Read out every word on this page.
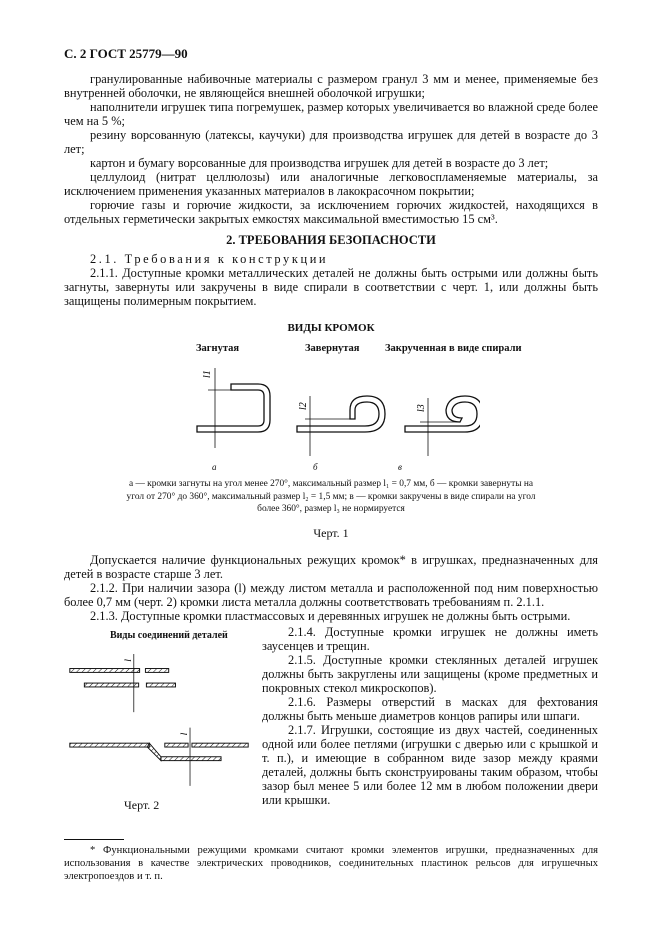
С. 2 ГОСТ 25779—90

гранулированные набивочные материалы с размером гранул 3 мм и менее, применяемые без внутренней оболочки, не являющейся внешней оболочкой игрушки;

наполнители игрушек типа погремушек, размер которых увеличивается во влажной среде более чем на 5 %;

резину ворсованную (латексы, каучуки) для производства игрушек для детей в возрасте до 3 лет;

картон и бумагу ворсованные для производства игрушек для детей в возрасте до 3 лет;

целлулоид (нитрат целлюлозы) или аналогичные легковоспламеняемые материалы, за исключением применения указанных материалов в лакокрасочном покрытии;

горючие газы и горючие жидкости, за исключением горючих жидкостей, находящихся в отдельных герметически закрытых емкостях максимальной вместимостью 15 см³.

2. ТРЕБОВАНИЯ БЕЗОПАСНОСТИ

2.1. Требования к конструкции

2.1.1. Доступные кромки металлических деталей не должны быть острыми или должны быть загнуты, завернуты или закручены в виде спирали в соответствии с черт. 1, или должны быть защищены полимерным покрытием.

ВИДЫ КРОМОК
Загнутая	Завернутая Закрученная в виде спирали
l1
l2	l3
а	б	в
а — кромки загнуты на угол менее 270°, максимальный размер l₁ = 0,7 мм, б — кромки завернуты на угол от 270° до 360°, максимальный размер l₂ = 1,5 мм; в — кромки закручены в виде спирали на угол более 360°, размер l₃ не нормируется
Черт. 1

Допускается наличие функциональных режущих кромок* в игрушках, предназначенных для детей в возрасте старше 3 лет.

2.1.2. При наличии зазора (l) между листом металла и расположенной под ним поверхностью более 0,7 мм (черт. 2) кромки листа металла должны соответствовать требованиям п. 2.1.1.

2.1.3. Доступные кромки пластмассовых и деревянных игрушек не должны быть острыми.

Виды соединений деталей
l
l
Черт. 2

2.1.4. Доступные кромки игрушек не должны иметь заусенцев и трещин.

2.1.5. Доступные кромки стеклянных деталей игрушек должны быть закруглены или защищены (кроме предметных и покровных стекол микроскопов).

2.1.6. Размеры отверстий в масках для фехтования должны быть меньше диаметров концов рапиры или шпаги.

2.1.7. Игрушки, состоящие из двух частей, соединенных одной или более петлями (игрушки с дверью или с крышкой и т. п.), и имеющие в собранном виде зазор между краями деталей, должны быть сконструированы таким образом, чтобы зазор был менее 5 или более 12 мм в любом положении двери или крышки.

* Функциональными режущими кромками считают кромки элементов игрушки, предназначенных для использования в качестве электрических проводников, соединительных пластинок рельсов для игрушечных электропоездов и т. п.
